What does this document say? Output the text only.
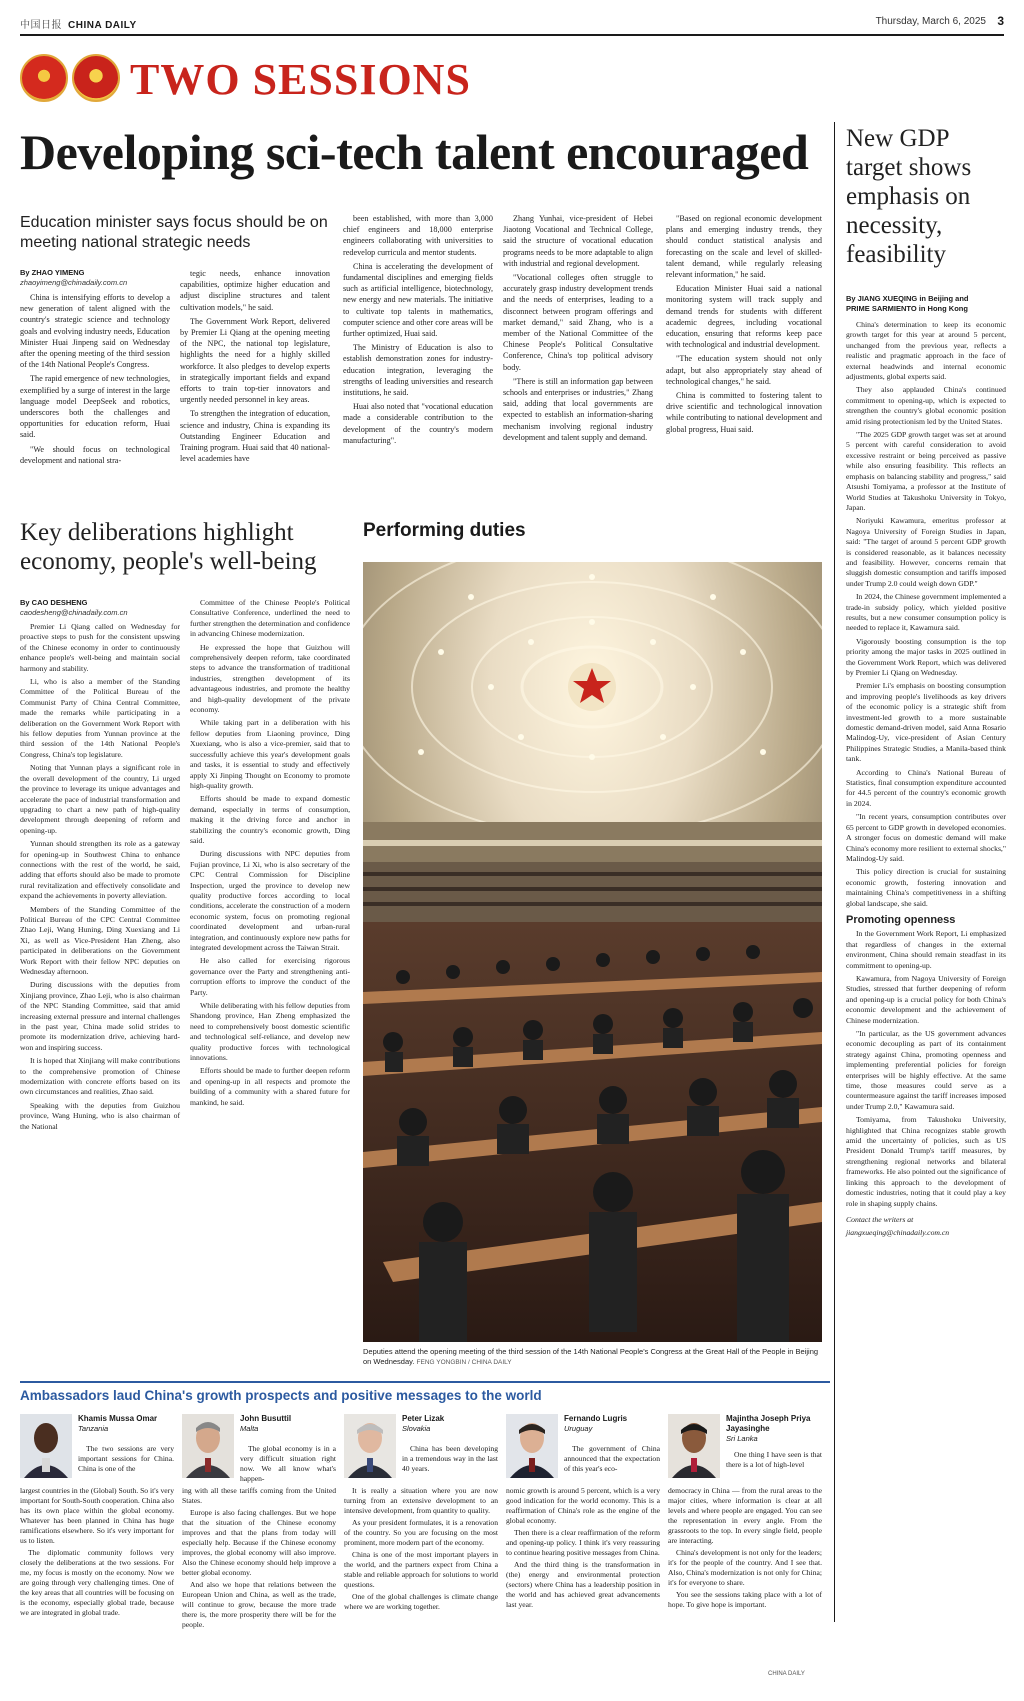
中国日报 CHINA DAILY	Thursday, March 6, 2025 3
TWO SESSIONS
Developing sci-tech talent encouraged
Education minister says focus should be on meeting national strategic needs
By ZHAO YIMENG
zhaoyimeng@chinadaily.com.cn

China is intensifying efforts to develop a new generation of talent aligned with the country's strategic science and technology goals and evolving industry needs, Education Minister Huai Jinpeng said on Wednesday after the opening meeting of the third session of the 14th National People's Congress.

The rapid emergence of new technologies, exemplified by a surge of interest in the large language model DeepSeek and robotics, underscores both the challenges and opportunities for education reform, Huai said.

"We should focus on technological development and national stra-

tegic needs, enhance innovation capabilities, optimize higher education and adjust discipline structures and talent cultivation models," he said.

The Government Work Report, delivered by Premier Li Qiang at the opening meeting of the NPC, the national top legislature, highlights the need for a highly skilled workforce. It also pledges to develop experts in strategically important fields and expand efforts to train top-tier innovators and urgently needed personnel in key areas.

To strengthen the integration of education, science and industry, China is expanding its Outstanding Engineer Education and Training program. Huai said that 40 national-level academies have

been established, with more than 3,000 chief engineers and 18,000 enterprise engineers collaborating with universities to redevelop curricula and mentor students.

China is accelerating the development of fundamental disciplines and emerging fields such as artificial intelligence, biotechnology, new energy and new materials. The initiative to cultivate top talents in mathematics, computer science and other core areas will be further optimized, Huai said.

The Ministry of Education is also to establish demonstration zones for industry-education integration, leveraging the strengths of leading universities and research institutions, he said.

Huai also noted that "vocational education made a considerable contribution to the development of the country's modern manufacturing".

Zhang Yunhai, vice-president of Hebei Jiaotong Vocational and Technical College, said the structure of vocational education programs needs to be more adaptable to align with industrial and regional development.

"Vocational colleges often struggle to accurately grasp industry development trends and the needs of enterprises, leading to a disconnect between program offerings and market demand," said Zhang, who is a member of the National Committee of the Chinese People's Political Consultative Conference, China's top political advisory body.

"There is still an information gap between schools and enterprises or industries," Zhang said, adding that local governments are expected to establish an information-sharing mechanism involving regional industry development and talent supply and demand.

"Based on regional economic development plans and emerging industry trends, they should conduct statistical analysis and forecasting on the scale and level of skilled-talent demand, while regularly releasing relevant information," he said.

Education Minister Huai said a national monitoring system will track supply and demand trends for students with different academic degrees, including vocational education, ensuring that reforms keep pace with technological and industrial development.

"The education system should not only adapt, but also appropriately stay ahead of technological changes," he said.

China is committed to fostering talent to drive scientific and technological innovation while contributing to national development and global progress, Huai said.

New GDP target shows emphasis on necessity, feasibility
By JIANG XUEQING in Beijing and
PRIME SARMIENTO in Hong Kong

China's determination to keep its economic growth target for this year at around 5 percent, unchanged from the previous year, reflects a realistic and pragmatic approach in the face of external headwinds and internal economic adjustments, global experts said.

They also applauded China's continued commitment to opening-up, which is expected to strengthen the country's global economic position amid rising protectionism led by the United States.

"The 2025 GDP growth target was set at around 5 percent with careful consideration to avoid excessive restraint or being perceived as passive while also ensuring feasibility. This reflects an emphasis on balancing stability and progress," said Atsushi Tomiyama, a professor at the Institute of World Studies at Takushoku University in Tokyo, Japan.

Noriyuki Kawamura, emeritus professor at Nagoya University of Foreign Studies in Japan, said: "The target of around 5 percent GDP growth is considered reasonable, as it balances necessity and feasibility. However, concerns remain that sluggish domestic consumption and tariffs imposed under Trump 2.0 could weigh down GDP."

In 2024, the Chinese government implemented a trade-in subsidy policy, which yielded positive results, but a new consumer consumption policy is needed to replace it, Kawamura said.

Vigorously boosting consumption is the top priority among the major tasks in 2025 outlined in the Government Work Report, which was delivered by Premier Li Qiang on Wednesday.

Premier Li's emphasis on boosting consumption and improving people's livelihoods as key drivers of the economic policy is a strategic shift from investment-led growth to a more sustainable domestic demand-driven model, said Anna Rosario Malindog-Uy, vice-president of Asian Century Philippines Strategic Studies, a Manila-based think tank.

According to China's National Bureau of Statistics, final consumption expenditure accounted for 44.5 percent of the country's economic growth in 2024.

"In recent years, consumption contributes over 65 percent to GDP growth in developed economies. A stronger focus on domestic demand will make China's economy more resilient to external shocks," Malindog-Uy said.

This policy direction is crucial for sustaining economic growth, fostering innovation and maintaining China's competitiveness in a shifting global landscape, she said.

Promoting openness

In the Government Work Report, Li emphasized that regardless of changes in the external environment, China should remain steadfast in its commitment to opening-up.

Kawamura, from Nagoya University of Foreign Studies, stressed that further deepening of reform and opening-up is a crucial policy for both China's economic development and the achievement of Chinese modernization.

"In particular, as the US government advances economic decoupling as part of its containment strategy against China, promoting openness and implementing preferential policies for foreign enterprises will be highly effective. At the same time, those measures could serve as a countermeasure against the tariff increases imposed under Trump 2.0," Kawamura said.

Tomiyama, from Takushoku University, highlighted that China recognizes stable growth amid the uncertainty of policies, such as US President Donald Trump's tariff measures, by strengthening regional networks and bilateral frameworks. He also pointed out the significance of linking this approach to the development of domestic industries, noting that it could play a key role in shaping supply chains.

Contact the writers at

jiangxueqing@chinadaily.com.cn

Key deliberations highlight economy, people's well-being
By CAO DESHENG
caodesheng@chinadaily.com.cn

Premier Li Qiang called on Wednesday for proactive steps to push for the consistent upswing of the Chinese economy in order to continuously enhance people's well-being and maintain social harmony and stability.

Li, who is also a member of the Standing Committee of the Political Bureau of the Communist Party of China Central Committee, made the remarks while participating in a deliberation on the Government Work Report with his fellow deputies from Yunnan province at the third session of the 14th National People's Congress, China's top legislature.

Noting that Yunnan plays a significant role in the overall development of the country, Li urged the province to leverage its unique advantages and accelerate the pace of industrial transformation and upgrading to chart a new path of high-quality development through deepening of reform and opening-up.

Yunnan should strengthen its role as a gateway for opening-up in Southwest China to enhance connections with the rest of the world, he said, adding that efforts should also be made to promote rural revitalization and effectively consolidate and expand the achievements in poverty alleviation.

Members of the Standing Committee of the Political Bureau of the CPC Central Committee Zhao Leji, Wang Huning, Ding Xuexiang and Li Xi, as well as Vice-President Han Zheng, also participated in deliberations on the Government Work Report with their fellow NPC deputies on Wednesday afternoon.

During discussions with the deputies from Xinjiang province, Zhao Leji, who is also chairman of the NPC Standing Committee, said that amid increasing external pressure and internal challenges in the past year, China made solid strides to promote its modernization drive, achieving hard-won and inspiring success.

It is hoped that Xinjiang will make contributions to the comprehensive promotion of Chinese modernization with concrete efforts based on its own circumstances and realities, Zhao said.

Speaking with the deputies from Guizhou province, Wang Huning, who is also chairman of the National

Committee of the Chinese People's Political Consultative Conference, underlined the need to further strengthen the determination and confidence in advancing Chinese modernization.

He expressed the hope that Guizhou will comprehensively deepen reform, take coordinated steps to advance the transformation of traditional industries, strengthen development of its advantageous industries, and promote the healthy and high-quality development of the private economy.

While taking part in a deliberation with his fellow deputies from Liaoning province, Ding Xuexiang, who is also a vice-premier, said that to successfully achieve this year's development goals and tasks, it is essential to study and effectively apply Xi Jinping Thought on Economy to promote high-quality growth.

Efforts should be made to expand domestic demand, especially in terms of consumption, making it the driving force and anchor in stabilizing the country's economic growth, Ding said.

During discussions with NPC deputies from Fujian province, Li Xi, who is also secretary of the CPC Central Commission for Discipline Inspection, urged the province to develop new quality productive forces according to local conditions, accelerate the construction of a modern economic system, focus on promoting regional coordinated development and urban-rural integration, and continuously explore new paths for integrated development across the Taiwan Strait.

He also called for exercising rigorous governance over the Party and strengthening anti-corruption efforts to improve the conduct of the Party.

While deliberating with his fellow deputies from Shandong province, Han Zheng emphasized the need to comprehensively boost domestic scientific and technological self-reliance, and develop new quality productive forces with technological innovations.

Efforts should be made to further deepen reform and opening-up in all respects and promote the building of a community with a shared future for mankind, he said.

Performing duties
Deputies attend the opening meeting of the third session of the 14th National People's Congress at the Great Hall of the People in Beijing on Wednesday. FENG YONGBIN / CHINA DAILY
Ambassadors laud China's growth prospects and positive messages to the world
Khamis Mussa Omar
Tanzania

The two sessions are very important sessions for China. China is one of the

largest countries in the (Global) South. So it's very important for South-South cooperation. China also has its own place within the global economy. Whatever has been planned in China has huge ramifications elsewhere. So it's very important for us to listen.

The diplomatic community follows very closely the deliberations at the two sessions. For me, my focus is mostly on the economy. Now we are going through very challenging times. One of the key areas that all countries will be focusing on is the economy, especially global trade, because we are integrated in global trade.

John Busuttil
Malta

The global economy is in a very difficult situation right now. We all know what's happen-

ing with all these tariffs coming from the United States.

Europe is also facing challenges. But we hope that the situation of the Chinese economy improves and that the plans from today will especially help. Because if the Chinese economy improves, the global economy will also improve. Also the Chinese economy should help improve a better global economy.

And also we hope that relations between the European Union and China, as well as the trade, will continue to grow, because the more trade there is, the more prosperity there will be for the people.

Peter Lizak
Slovakia

China has been developing in a tremendous way in the last 40 years.

It is really a situation where you are now turning from an extensive development to an intensive development, from quantity to quality.

As your president formulates, it is a renovation of the country. So you are focusing on the most prominent, more modern part of the economy.

China is one of the most important players in the world, and the partners expect from China a stable and reliable approach for solutions to world questions.

One of the global challenges is climate change where we are working together.

Fernando Lugris
Uruguay

The government of China announced that the expectation of this year's eco-

nomic growth is around 5 percent, which is a very good indication for the world economy. This is a reaffirmation of China's role as the engine of the global economy.

Then there is a clear reaffirmation of the reform and opening-up policy. I think it's very reassuring to continue hearing positive messages from China.

And the third thing is the transformation in (the) energy and environmental protection (sectors) where China has a leadership position in the world and has achieved great advancements last year.

Majintha Joseph Priya Jayasinghe
Sri Lanka

One thing I have seen is that there is a lot of high-level

democracy in China — from the rural areas to the major cities, where information is clear at all levels and where people are engaged. You can see the representation in every angle. From the grassroots to the top. In every single field, people are interacting.

China's development is not only for the leaders; it's for the people of the country. And I see that. Also, China's modernization is not only for China; it's for everyone to share.

You see the sessions taking place with a lot of hope. To give hope is important.

CHINA DAILY
